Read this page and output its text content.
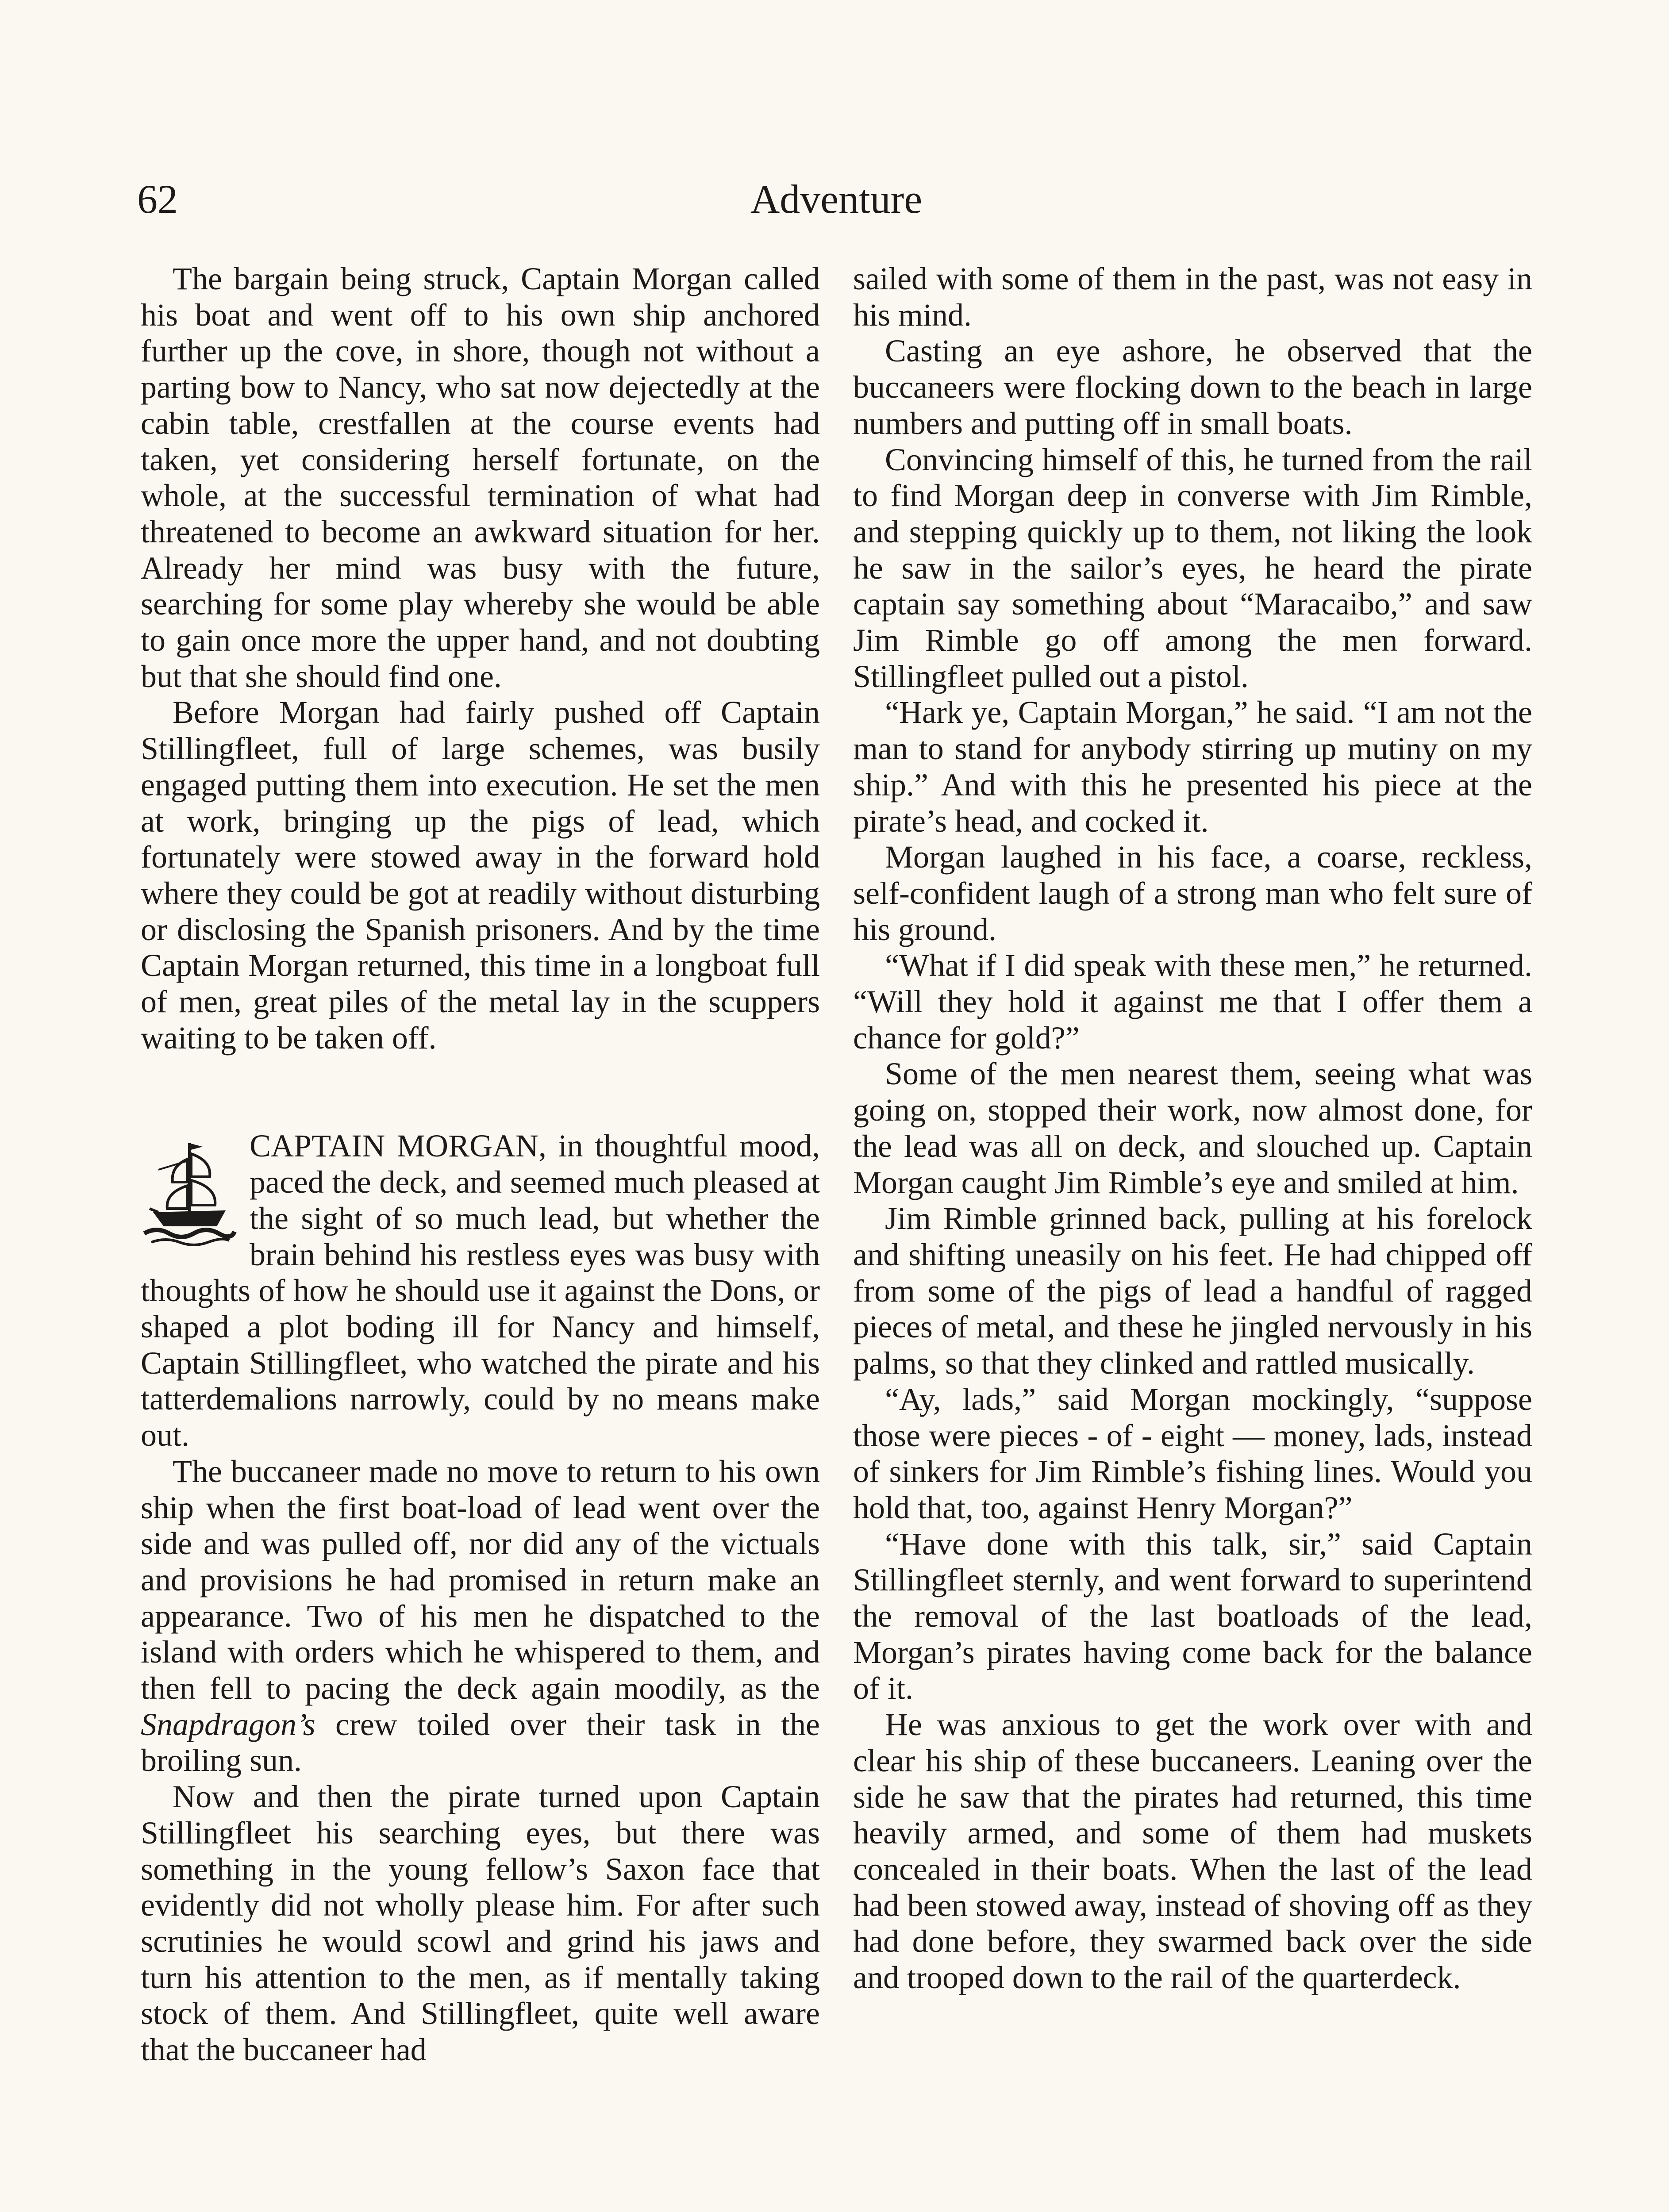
62	Adventure

The bargain being struck, Captain Morgan called his boat and went off to his own ship anchored further up the cove, in shore, though not without a parting bow to Nancy, who sat now dejectedly at the cabin table, crestfallen at the course events had taken, yet considering herself fortunate, on the whole, at the successful termination of what had threatened to become an awkward situation for her. Already her mind was busy with the future, searching for some play whereby she would be able to gain once more the upper hand, and not doubting but that she should find one.

Before Morgan had fairly pushed off Captain Stillingfleet, full of large schemes, was busily engaged putting them into execution. He set the men at work, bringing up the pigs of lead, which fortunately were stowed away in the forward hold where they could be got at readily without disturbing or disclosing the Spanish prisoners. And by the time Captain Morgan returned, this time in a longboat full of men, great piles of the metal lay in the scuppers waiting to be taken off.

CAPTAIN MORGAN, in thoughtful mood, paced the deck, and seemed much pleased at the sight of so much lead, but whether the brain behind his restless eyes was busy with thoughts of how he should use it against the Dons, or shaped a plot boding ill for Nancy and himself, Captain Stillingfleet, who watched the pirate and his tatterdemalions narrowly, could by no means make out.

The buccaneer made no move to return to his own ship when the first boat-load of lead went over the side and was pulled off, nor did any of the victuals and provisions he had promised in return make an appearance. Two of his men he dispatched to the island with orders which he whispered to them, and then fell to pacing the deck again moodily, as the Snapdragon’s crew toiled over their task in the broiling sun.

Now and then the pirate turned upon Captain Stillingfleet his searching eyes, but there was something in the young fellow’s Saxon face that evidently did not wholly please him. For after such scrutinies he would scowl and grind his jaws and turn his attention to the men, as if mentally taking stock of them. And Stillingfleet, quite well aware that the buccaneer had

sailed with some of them in the past, was not easy in his mind.

Casting an eye ashore, he observed that the buccaneers were flocking down to the beach in large numbers and putting off in small boats.

Convincing himself of this, he turned from the rail to find Morgan deep in converse with Jim Rimble, and stepping quickly up to them, not liking the look he saw in the sailor’s eyes, he heard the pirate captain say something about “Maracaibo,” and saw Jim Rimble go off among the men forward. Stillingfleet pulled out a pistol.

“Hark ye, Captain Morgan,” he said. “I am not the man to stand for anybody stirring up mutiny on my ship.” And with this he presented his piece at the pirate’s head, and cocked it.

Morgan laughed in his face, a coarse, reckless, self-confident laugh of a strong man who felt sure of his ground.

“What if I did speak with these men,” he returned. “Will they hold it against me that I offer them a chance for gold?”

Some of the men nearest them, seeing what was going on, stopped their work, now almost done, for the lead was all on deck, and slouched up. Captain Morgan caught Jim Rimble’s eye and smiled at him.

Jim Rimble grinned back, pulling at his forelock and shifting uneasily on his feet. He had chipped off from some of the pigs of lead a handful of ragged pieces of metal, and these he jingled nervously in his palms, so that they clinked and rattled musically.

“Ay, lads,” said Morgan mockingly, “suppose those were pieces - of - eight — money, lads, instead of sinkers for Jim Rimble’s fishing lines. Would you hold that, too, against Henry Morgan?”

“Have done with this talk, sir,” said Captain Stillingfleet sternly, and went forward to superintend the removal of the last boatloads of the lead, Morgan’s pirates having come back for the balance of it.

He was anxious to get the work over with and clear his ship of these buccaneers. Leaning over the side he saw that the pirates had returned, this time heavily armed, and some of them had muskets concealed in their boats. When the last of the lead had been stowed away, instead of shoving off as they had done before, they swarmed back over the side and trooped down to the rail of the quarterdeck.
